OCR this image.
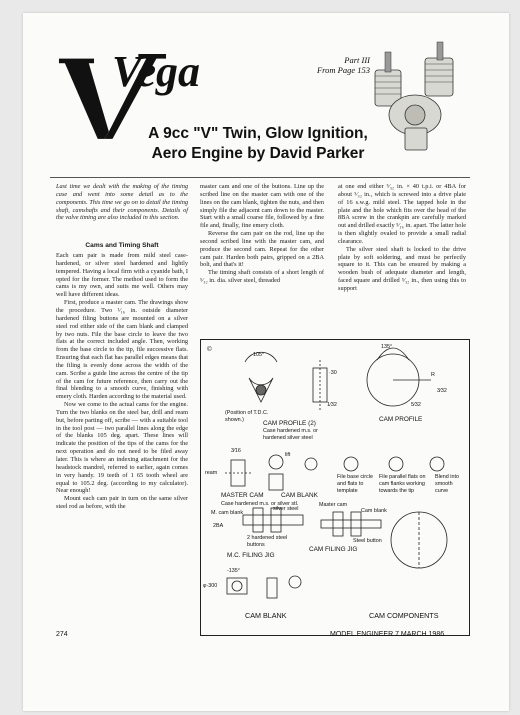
Vega	Part III
From Page 153
A 9cc "V" Twin, Glow Ignition,
Aero Engine by David Parker

Last time we dealt with the making of the timing case and went into some detail as to the components. This time we go on to detail the timing shaft, camshafts and their components. Details of the valve timing are also included in this section.

Cams and Timing Shaft

Each cam pair is made from mild steel case-hardened, or silver steel hardened and lightly tempered. Having a local firm with a cyanide bath, I opted for the former. The method used to form the cams is my own, and suits me well. Others may well have different ideas.

First, produce a master cam. The drawings show the procedure. Two ¹⁄₁₆ in. outside diameter hardened filing buttons are mounted on a silver steel rod either side of the cam blank and clamped by two nuts. File the base circle to leave the two flats at the correct included angle. Then, working from the base circle to the tip, file successive flats. Ensuring that each flat has parallel edges means that the filing is evenly done across the width of the cam. Scribe a guide line across the centre of the tip of the cam for future reference, then carry out the final blending to a smooth curve, finishing with emery cloth. Harden according to the material used.

Now we come to the actual cams for the engine. Turn the two blanks on the steel bar, drill and ream but, before parting off, scribe — with a suitable tool in the tool post — two parallel lines along the edge of the blanks 105 deg. apart. These lines will indicate the position of the tips of the cams for the next operation and do not need to be filed away later. This is where an indexing attachment for the headstock mandrel, referred to earlier, again comes in very handy. 19 teeth of 1 65 tooth wheel are equal to 105.2 deg. (according to my calculator). Near enough!

Mount each cam pair in turn on the same silver steel rod as before, with the

master cam and one of the buttons. Line up the scribed line on the master cam with one of the lines on the cam blank, tighten the nuts, and then simply file the adjacent cam down to the master. Start with a small coarse file, followed by a fine file and, finally, fine emery cloth.

Reverse the cam pair on the rod, line up the second scribed line with the master cam, and produce the second cam. Repeat for the other cam pair. Harden both pairs, gripped on a 2BA bolt, and that's it!

The timing shaft consists of a short length of ⁵⁄₃₂ in. dia. silver steel, threaded

at one end either ⁵⁄₃₂ in. × 40 t.p.i. or 4BA for about ⁵⁄₃₂ in., which is screwed into a drive plate of 16 s.w.g. mild steel. The tapped hole in the plate and the hole which fits over the head of the 8BA screw in the crankpin are carefully marked out and drilled exactly ⁵⁄₁₆ in. apart. The latter hole is then slightly ovaled to provide a small radial clearance.

The silver steel shaft is locked to the drive plate by soft soldering, and must be perfectly square to it. This can be ensured by making a wooden bush of adequate diameter and length, faced square and drilled ⁵⁄₃₂ in., then using this to support

©
105°
135°
·30	R
1⁄32	5⁄32
3⁄32
(Position of T.D.C. shown.)	CAM PROFILE (2)
Case hardened m.s. or hardened silver steel
CAM PROFILE
3⁄16
lift
ream
MASTER CAM	CAM BLANK
Case hardened m.s. or silver stl.
File base circle and flats to template
File parallel flats on cam flanks working towards the tip
Blend into smooth curve
M. cam blank
silver steel
2BA
2 hardened steel buttons
M.C. FILING JIG
Master cam
Cam blank
Steel button
CAM FILING JIG
-135°
φ·300
CAM BLANK	CAM COMPONENTS
274	MODEL ENGINEER 7 MARCH 1986
